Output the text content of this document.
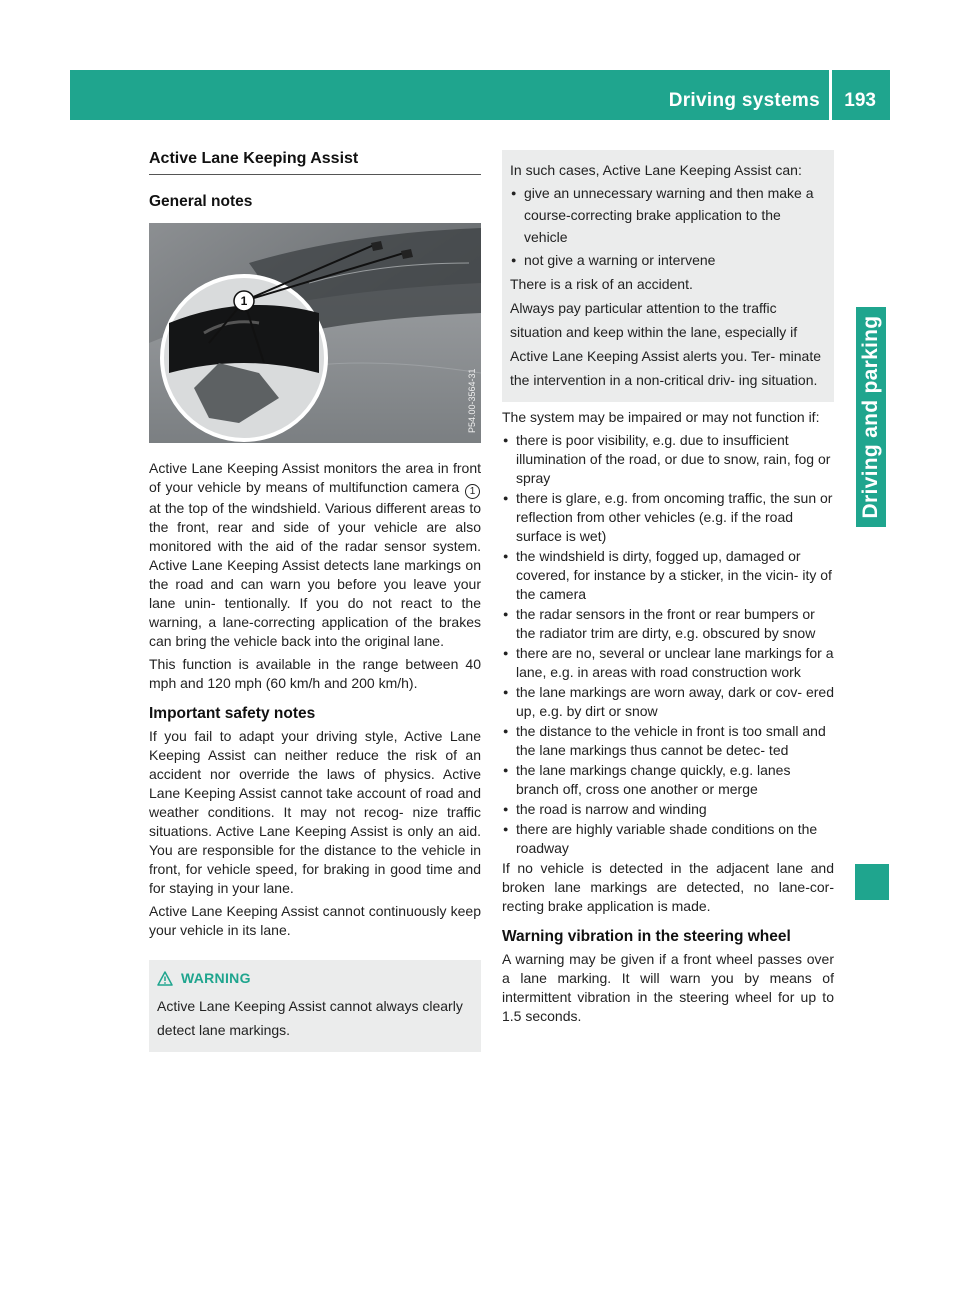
Driving systems 193
Driving and parking
Active Lane Keeping Assist
General notes
1
P54.00-3564-31

Active Lane Keeping Assist monitors the area in front of your vehicle by means of multifunction camera 1 at the top of the windshield. Various different areas to the front, rear and side of your vehicle are also monitored with the aid of the radar sensor system. Active Lane Keeping Assist detects lane markings on the road and can warn you before you leave your lane unin- tentionally. If you do not react to the warning, a lane-correcting application of the brakes can bring the vehicle back into the original lane.

This function is available in the range between 40 mph and 120 mph (60 km/h and 200 km/h).

Important safety notes

If you fail to adapt your driving style, Active Lane Keeping Assist can neither reduce the risk of an accident nor override the laws of physics. Active Lane Keeping Assist cannot take account of road and weather conditions. It may not recog- nize traffic situations. Active Lane Keeping Assist is only an aid. You are responsible for the distance to the vehicle in front, for vehicle speed, for braking in good time and for staying in your lane.

Active Lane Keeping Assist cannot continuously keep your vehicle in its lane.

WARNING

Active Lane Keeping Assist cannot always clearly detect lane markings.

In such cases, Active Lane Keeping Assist can:

● give an unnecessary warning and then make a course-correcting brake application to the vehicle
● not give a warning or intervene

There is a risk of an accident.

Always pay particular attention to the traffic situation and keep within the lane, especially if Active Lane Keeping Assist alerts you. Ter- minate the intervention in a non-critical driv- ing situation.

The system may be impaired or may not function if:

● there is poor visibility, e.g. due to insufficient illumination of the road, or due to snow, rain, fog or spray
● there is glare, e.g. from oncoming traffic, the sun or reflection from other vehicles (e.g. if the road surface is wet)
● the windshield is dirty, fogged up, damaged or covered, for instance by a sticker, in the vicin- ity of the camera
● the radar sensors in the front or rear bumpers or the radiator trim are dirty, e.g. obscured by snow
● there are no, several or unclear lane markings for a lane, e.g. in areas with road construction work
● the lane markings are worn away, dark or cov- ered up, e.g. by dirt or snow
● the distance to the vehicle in front is too small and the lane markings thus cannot be detec- ted
● the lane markings change quickly, e.g. lanes branch off, cross one another or merge
● the road is narrow and winding
● there are highly variable shade conditions on the roadway

If no vehicle is detected in the adjacent lane and broken lane markings are detected, no lane-cor- recting brake application is made.

Warning vibration in the steering wheel

A warning may be given if a front wheel passes over a lane marking. It will warn you by means of intermittent vibration in the steering wheel for up to 1.5 seconds.
